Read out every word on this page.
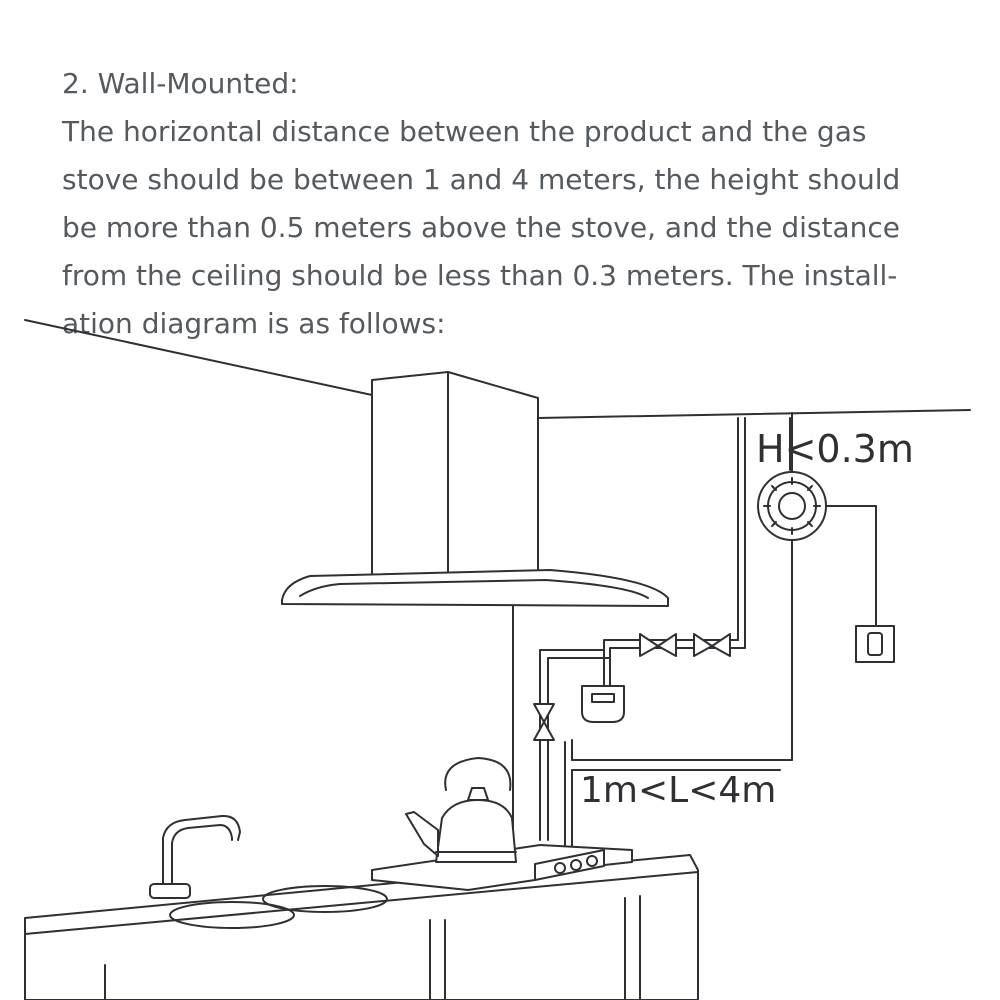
2. Wall-Mounted:

The horizontal distance between the product and the gas
stove should be between 1 and 4 meters, the height should
be more than 0.5 meters above the stove, and the distance
from the ceiling should be less than 0.3 meters. The install-
ation diagram is as follows:

H<0.3m
1m<L<4m
